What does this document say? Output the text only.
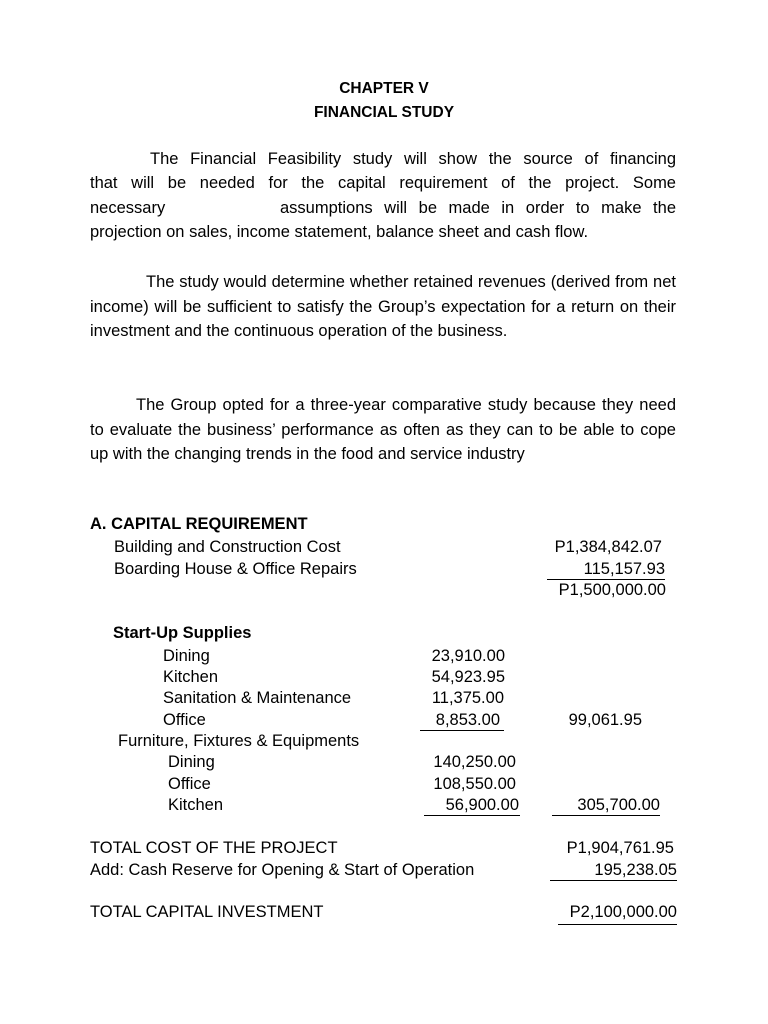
CHAPTER V
FINANCIAL STUDY
The Financial Feasibility study will show the source of financing
that will be needed for the capital requirement of the project. Some
necessary	assumptions will be made in order to make the
projection on sales, income statement, balance sheet and cash flow.
The study would determine whether retained revenues (derived from net income) will be sufficient to satisfy the Group’s expectation for a return on their investment and the continuous operation of the business.
The Group opted for a three-year comparative study because they need to evaluate the business’ performance as often as they can to be able to cope up with the changing trends in the food and service industry
A. CAPITAL REQUIREMENT
Building and Construction Cost	P1,384,842.07
Boarding House & Office Repairs	115,157.93
P1,500,000.00
Start-Up Supplies
Dining	23,910.00
Kitchen	54,923.95
Sanitation & Maintenance	11,375.00
Office	8,853.00	99,061.95
Furniture, Fixtures & Equipments
Dining	140,250.00
Office	108,550.00
Kitchen	56,900.00	305,700.00
TOTAL COST OF THE PROJECT	P1,904,761.95
Add: Cash Reserve for Opening & Start of Operation	195,238.05
TOTAL CAPITAL INVESTMENT	P2,100,000.00
